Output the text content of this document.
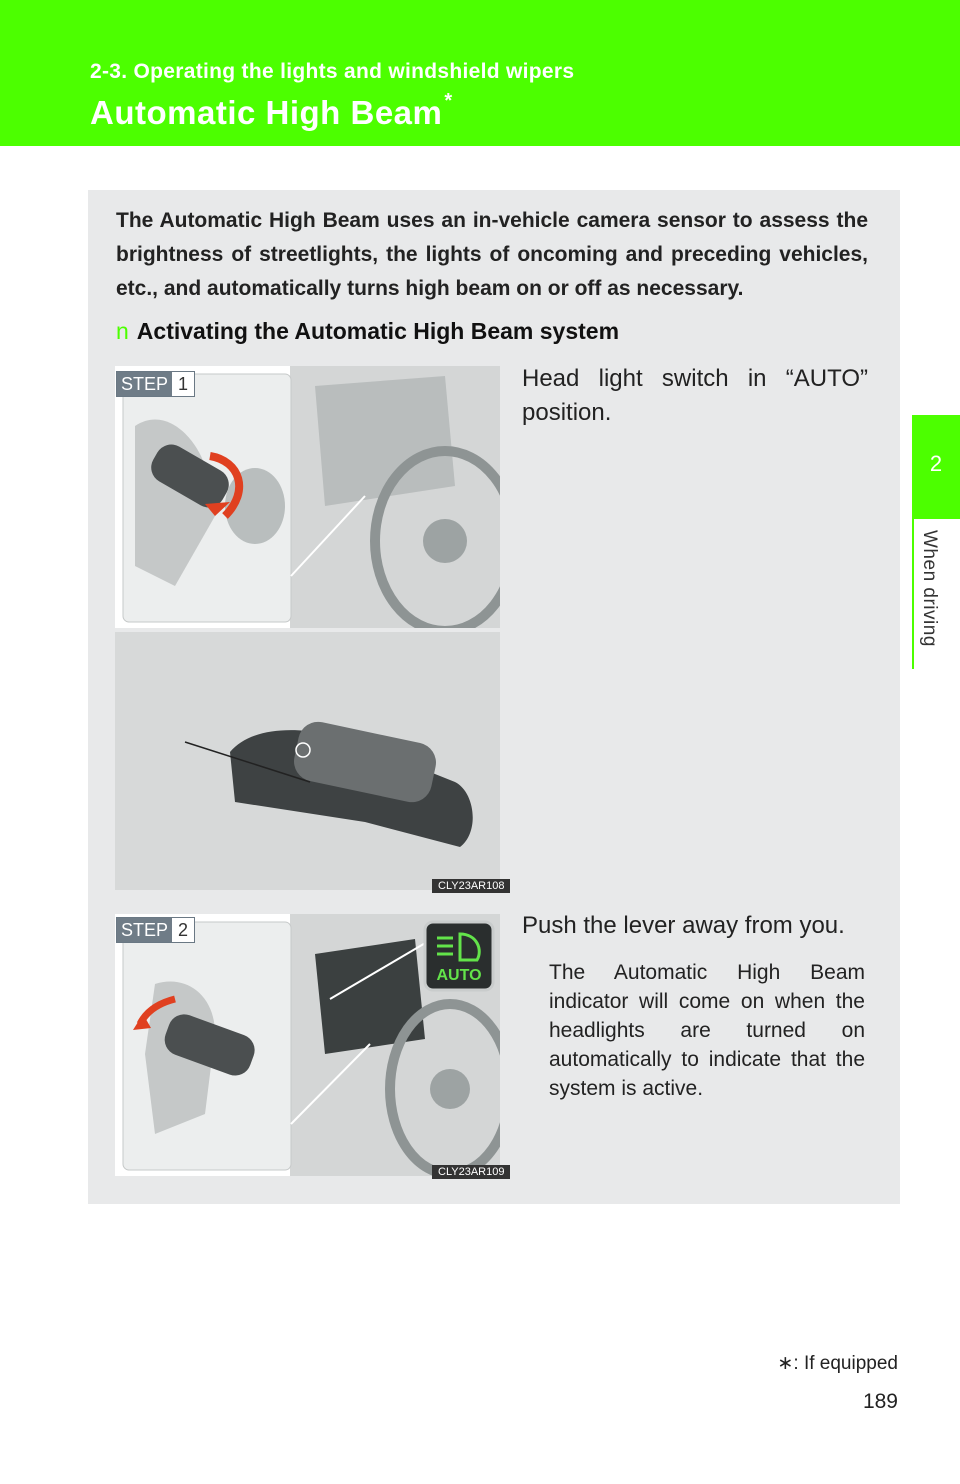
2-3. Operating the lights and windshield wipers
Automatic High Beam *
2
When driving
The Automatic High Beam uses an in-vehicle camera sensor to assess the brightness of streetlights, the lights of oncoming and preceding vehicles, etc., and automatically turns high beam on or off as necessary.
n Activating the Automatic High Beam system
CLY23AR108
STEP 1	Head light switch in “AUTO” position.
AUTO
CLY23AR109
STEP 2	Push the lever away from you.
The Automatic High Beam indicator will come on when the headlights are turned on automatically to indicate that the system is active.
∗: If equipped
189
